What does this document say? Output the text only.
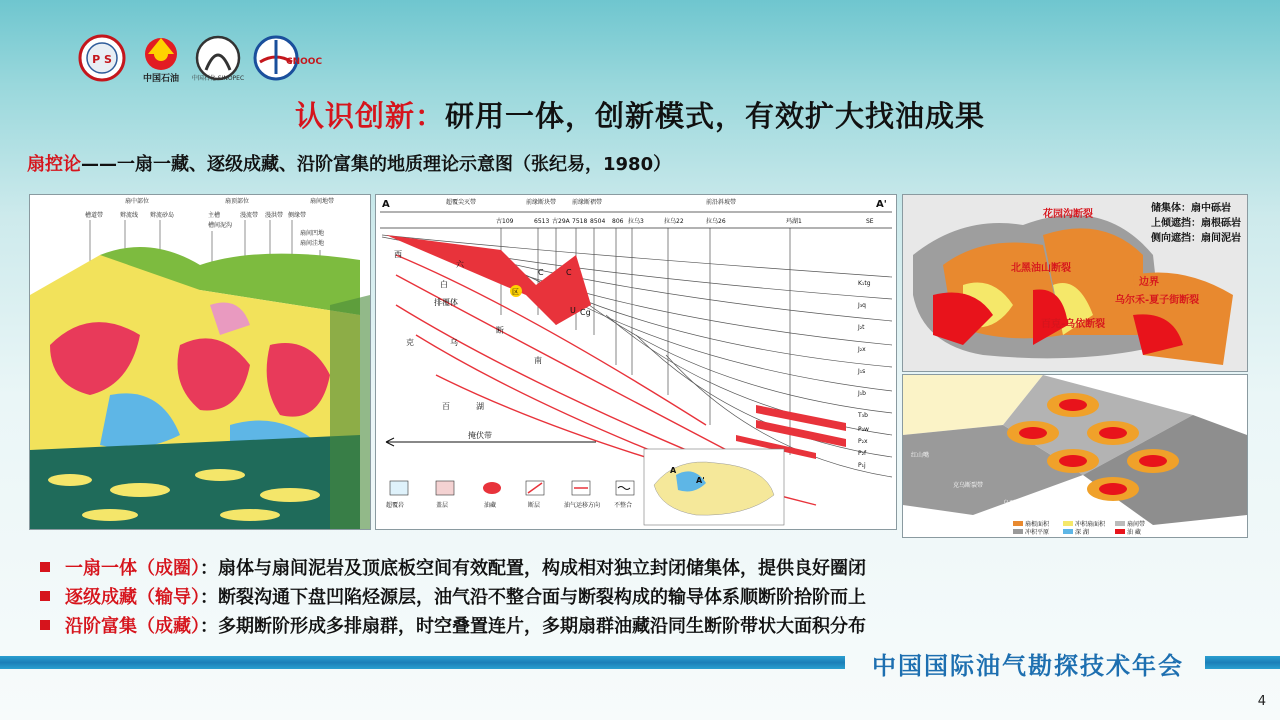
P S
中国石油 中国石化 SINOPEC
CNOOC
认识创新：研用一体，创新模式，有效扩大找油成果
扇控论——一扇一藏、逐级成藏、沿阶富集的地质理论示意图（张纪易，1980）
扇中部位	扇顶部位	扇间地带
槽道带	辫流线 辫流砂岛	主槽
槽间泥沟
漫流带 漫洪带 侧缘带
扇间凹地
扇间洼地
A	A'
超覆尖灭带	前缘断块带	前缘断褶带	前沿斜坡带
古109	6513 古29A 7518 8504 806 拉乌3	拉乌22	拉乌26	玛湖1	SE
K₁tg
J₃q
J₂t
J₂x
J₁s
J₁b
T₃b
P₃w
P₂x
P₂f
P₁j
西
六
克
白
乌
断
南
百	湖
排覆体
掩伏带
C	C
U Cg
区
超覆岩	盖层	油藏	断层	油气运移方向 不整合
A
A'
花园沟断裂
北黑油山断裂
乌尔禾-夏子街断裂
百克-乌依断裂
边界
储集体：扇中砾岩
上倾遮挡：扇根砾岩
侧向遮挡：扇间泥岩
红山嘴
克乌断裂带
乌夏断裂带
扇根面积	冲积扇面积	扇间带
冲积平原	深 湖	油 藏
一扇一体（成圈）：扇体与扇间泥岩及顶底板空间有效配置，构成相对独立封闭储集体，提供良好圈闭
逐级成藏（输导）：断裂沟通下盘凹陷烃源层，油气沿不整合面与断裂构成的输导体系顺断阶拾阶而上
沿阶富集（成藏）：多期断阶形成多排扇群，时空叠置连片，多期扇群油藏沿同生断阶带状大面积分布
中国国际油气勘探技术年会
4
